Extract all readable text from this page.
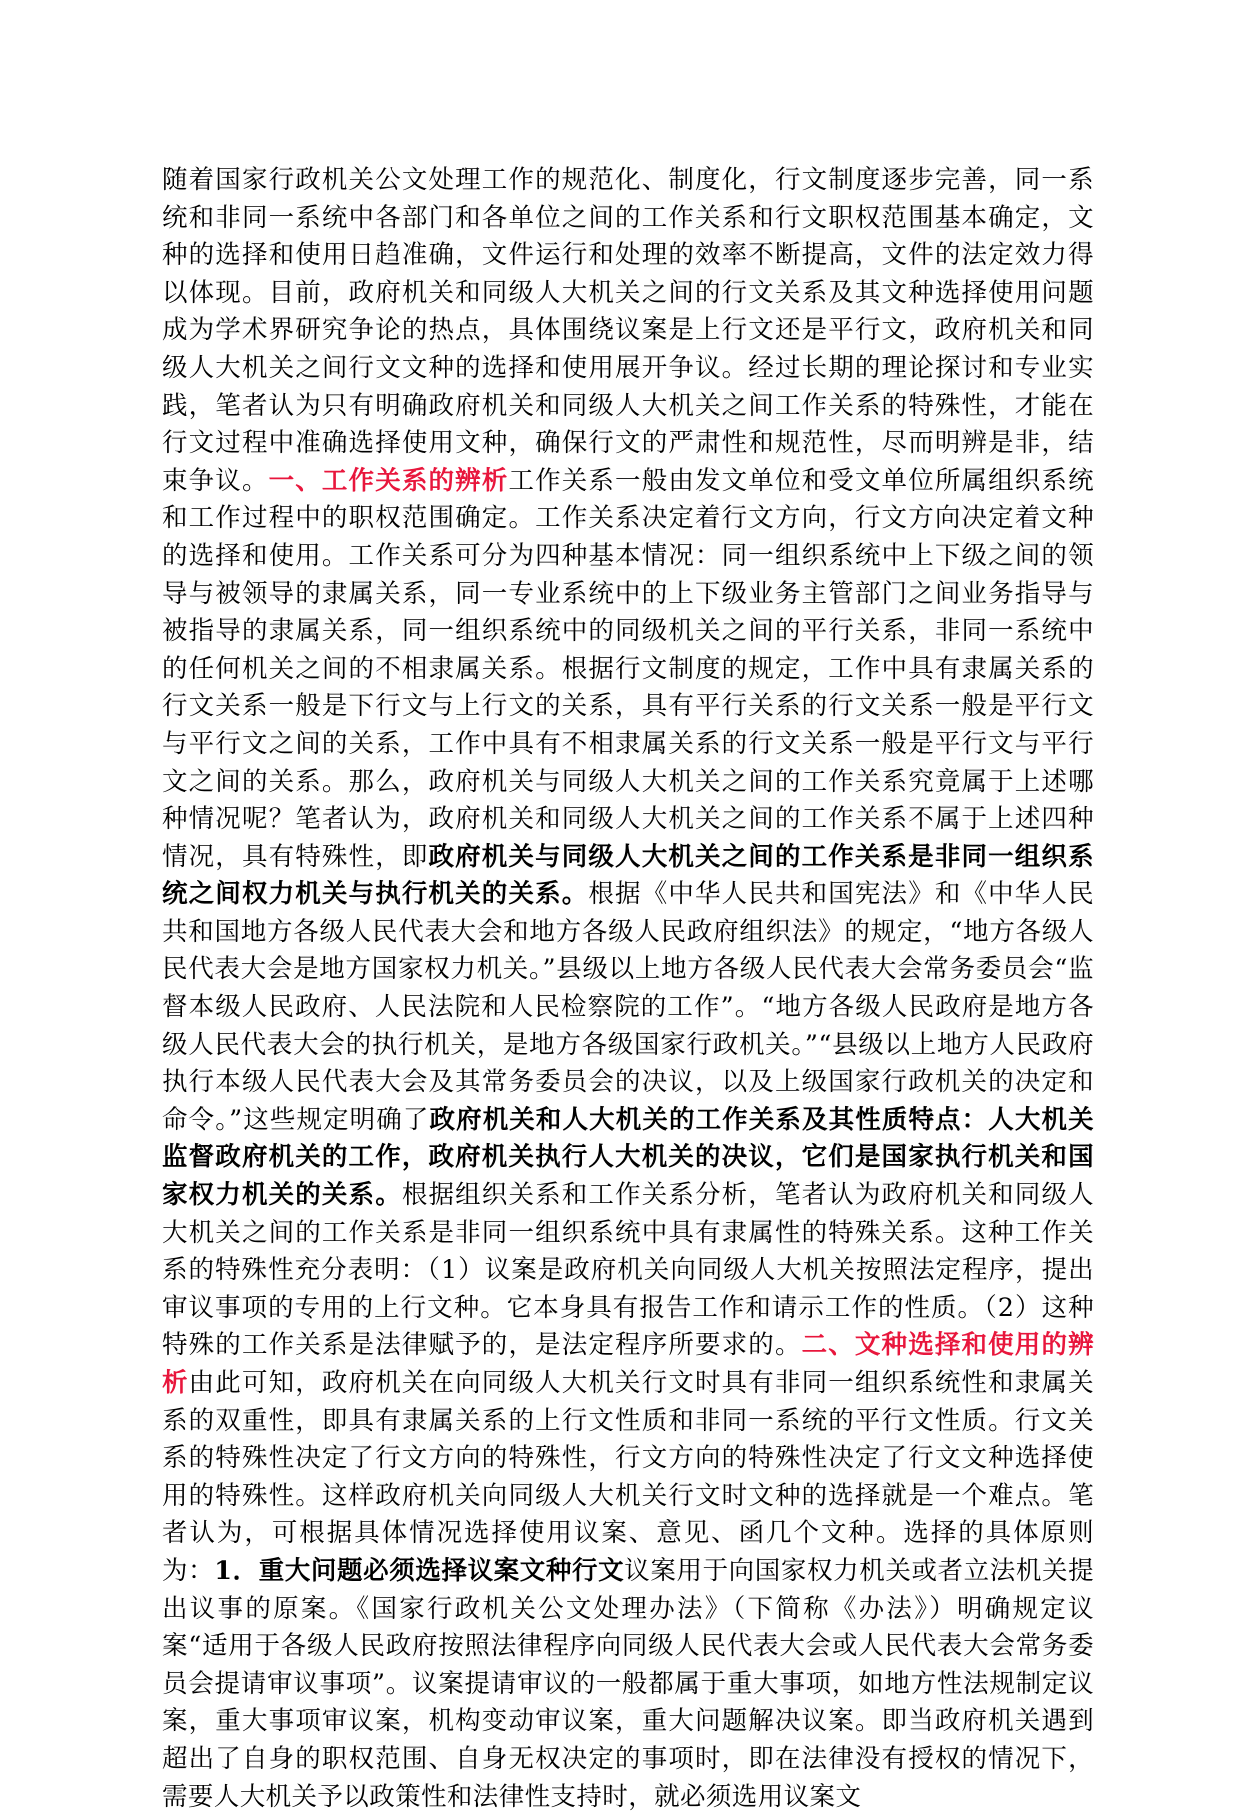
随着国家行政机关公文处理工作的规范化、制度化，行文制度逐步完善，同一系统和非同一系统中各部门和各单位之间的工作关系和行文职权范围基本确定，文种的选择和使用日趋准确，文件运行和处理的效率不断提高，文件的法定效力得以体现。目前，政府机关和同级人大机关之间的行文关系及其文种选择使用问题成为学术界研究争论的热点，具体围绕议案是上行文还是平行文，政府机关和同级人大机关之间行文文种的选择和使用展开争议。经过长期的理论探讨和专业实践，笔者认为只有明确政府机关和同级人大机关之间工作关系的特殊性，才能在行文过程中准确选择使用文种，确保行文的严肃性和规范性，尽而明辨是非，结束争议。一、工作关系的辨析工作关系一般由发文单位和受文单位所属组织系统和工作过程中的职权范围确定。工作关系决定着行文方向，行文方向决定着文种的选择和使用。工作关系可分为四种基本情况：同一组织系统中上下级之间的领导与被领导的隶属关系，同一专业系统中的上下级业务主管部门之间业务指导与被指导的隶属关系，同一组织系统中的同级机关之间的平行关系，非同一系统中的任何机关之间的不相隶属关系。根据行文制度的规定，工作中具有隶属关系的行文关系一般是下行文与上行文的关系，具有平行关系的行文关系一般是平行文与平行文之间的关系，工作中具有不相隶属关系的行文关系一般是平行文与平行文之间的关系。那么，政府机关与同级人大机关之间的工作关系究竟属于上述哪种情况呢？笔者认为，政府机关和同级人大机关之间的工作关系不属于上述四种情况，具有特殊性，即政府机关与同级人大机关之间的工作关系是非同一组织系统之间权力机关与执行机关的关系。根据《中华人民共和国宪法》和《中华人民共和国地方各级人民代表大会和地方各级人民政府组织法》的规定，“地方各级人民代表大会是地方国家权力机关。”县级以上地方各级人民代表大会常务委员会“监督本级人民政府、人民法院和人民检察院的工作”。“地方各级人民政府是地方各级人民代表大会的执行机关，是地方各级国家行政机关。”“县级以上地方人民政府执行本级人民代表大会及其常务委员会的决议，以及上级国家行政机关的决定和命令。”这些规定明确了政府机关和人大机关的工作关系及其性质特点：人大机关监督政府机关的工作，政府机关执行人大机关的决议，它们是国家执行机关和国家权力机关的关系。根据组织关系和工作关系分析，笔者认为政府机关和同级人大机关之间的工作关系是非同一组织系统中具有隶属性的特殊关系。这种工作关系的特殊性充分表明：（1）议案是政府机关向同级人大机关按照法定程序，提出审议事项的专用的上行文种。它本身具有报告工作和请示工作的性质。（2）这种特殊的工作关系是法律赋予的，是法定程序所要求的。二、文种选择和使用的辨析由此可知，政府机关在向同级人大机关行文时具有非同一组织系统性和隶属关系的双重性，即具有隶属关系的上行文性质和非同一系统的平行文性质。行文关系的特殊性决定了行文方向的特殊性，行文方向的特殊性决定了行文文种选择使用的特殊性。这样政府机关向同级人大机关行文时文种的选择就是一个难点。笔者认为，可根据具体情况选择使用议案、意见、函几个文种。选择的具体原则为：1．重大问题必须选择议案文种行文议案用于向国家权力机关或者立法机关提出议事的原案。《国家行政机关公文处理办法》（下简称《办法》）明确规定议案“适用于各级人民政府按照法律程序向同级人民代表大会或人民代表大会常务委员会提请审议事项”。议案提请审议的一般都属于重大事项，如地方性法规制定议案，重大事项审议案，机构变动审议案，重大问题解决议案。即当政府机关遇到超出了自身的职权范围、自身无权决定的事项时，即在法律没有授权的情况下，需要人大机关予以政策性和法律性支持时，就必须选用议案文
